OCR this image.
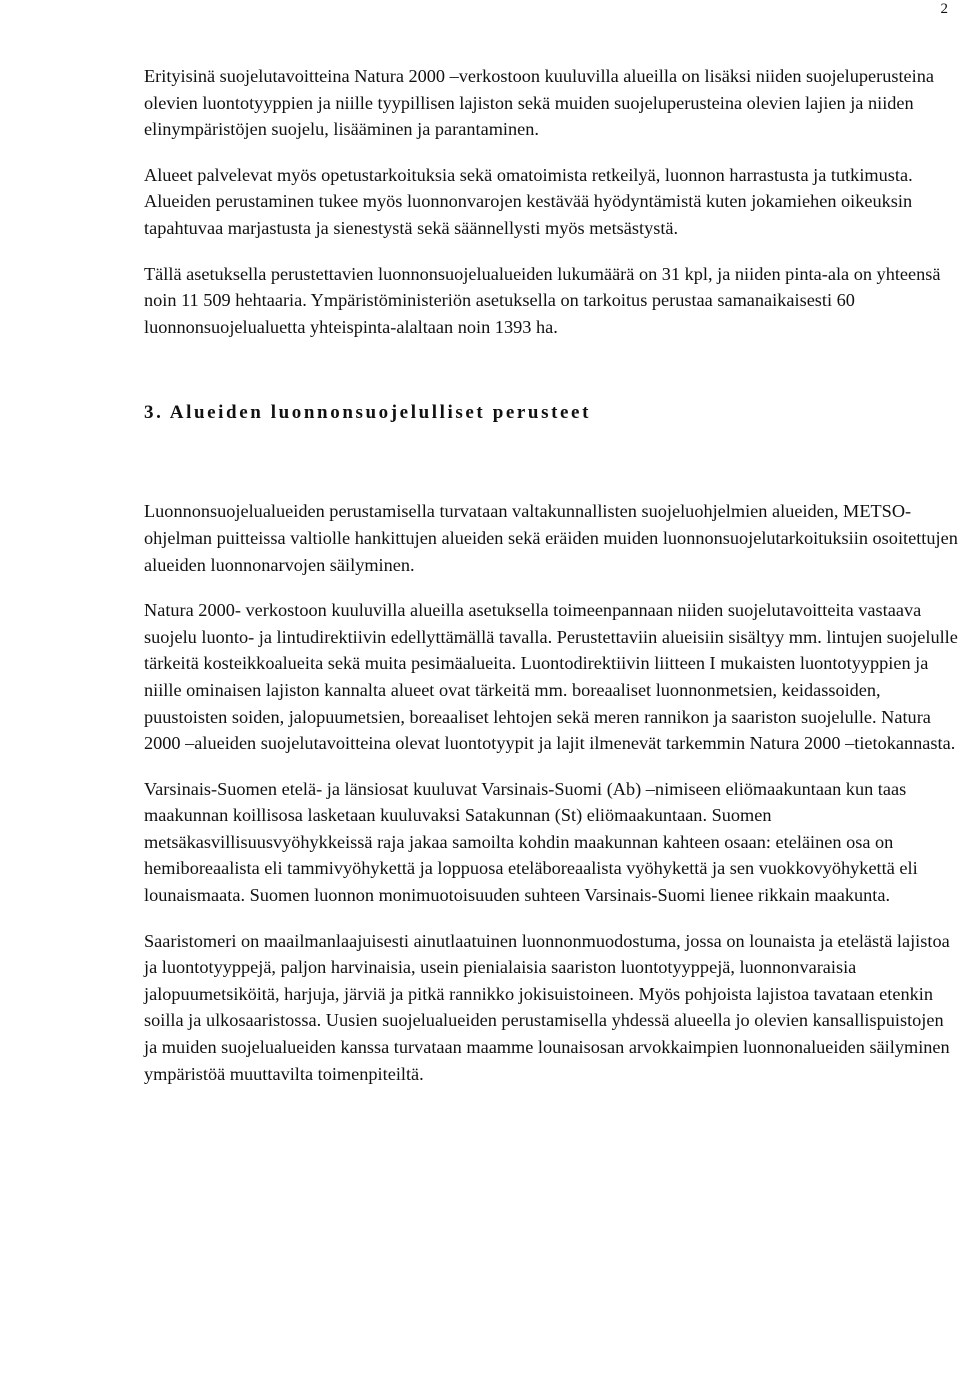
2

Erityisinä suojelutavoitteina Natura 2000 –verkostoon kuuluvilla alueilla on lisäksi niiden suojeluperusteina olevien luontotyyppien ja niille tyypillisen lajiston sekä muiden suojeluperusteina olevien lajien ja niiden elinympäristöjen suojelu, lisääminen ja parantaminen.

Alueet palvelevat myös opetustarkoituksia sekä omatoimista retkeilyä, luonnon harrastusta ja tutkimusta. Alueiden perustaminen tukee myös luonnonvarojen kestävää hyödyntämistä kuten jokamiehen oikeuksin tapahtuvaa marjastusta ja sienestystä sekä säännellysti myös metsästystä.

Tällä asetuksella perustettavien luonnonsuojelualueiden lukumäärä on 31 kpl, ja niiden pinta-ala on yhteensä noin 11 509 hehtaaria. Ympäristöministeriön asetuksella on tarkoitus perustaa samanaikaisesti 60 luonnonsuojelualuetta yhteispinta-alaltaan noin 1393 ha.

3. Alueiden luonnonsuojelulliset perusteet

Luonnonsuojelualueiden perustamisella turvataan valtakunnallisten suojeluohjelmien alueiden, METSO-ohjelman puitteissa valtiolle hankittujen alueiden sekä eräiden muiden luonnonsuojelutarkoituksiin osoitettujen alueiden luonnonarvojen säilyminen.

Natura 2000- verkostoon kuuluvilla alueilla asetuksella toimeenpannaan niiden suojelutavoitteita vastaava suojelu luonto- ja lintudirektiivin edellyttämällä tavalla. Perustettaviin alueisiin sisältyy mm. lintujen suojelulle tärkeitä kosteikkoalueita sekä muita pesimäalueita. Luontodirektiivin liitteen I mukaisten luontotyyppien ja niille ominaisen lajiston kannalta alueet ovat tärkeitä mm. boreaaliset luonnonmetsien, keidassoiden, puustoisten soiden, jalopuumetsien, boreaaliset lehtojen sekä meren rannikon ja saariston suojelulle. Natura 2000 –alueiden suojelutavoitteina olevat luontotyypit ja lajit ilmenevät tarkemmin Natura 2000 –tietokannasta.

Varsinais-Suomen etelä- ja länsiosat kuuluvat Varsinais-Suomi (Ab) –nimiseen eliömaakuntaan kun taas maakunnan koillisosa lasketaan kuuluvaksi Satakunnan (St) eliömaakuntaan. Suomen metsäkasvillisuusvyöhykkeissä raja jakaa samoilta kohdin maakunnan kahteen osaan: eteläinen osa on hemiboreaalista eli tammivyöhykettä ja loppuosa eteläboreaalista vyöhykettä ja sen vuokkovyöhykettä eli lounaismaata. Suomen luonnon monimuotoisuuden suhteen Varsinais-Suomi lienee rikkain maakunta.

Saaristomeri on maailmanlaajuisesti ainutlaatuinen luonnonmuodostuma, jossa on lounaista ja etelästä lajistoa ja luontotyyppejä, paljon harvinaisia, usein pienialaisia saariston luontotyyppejä, luonnonvaraisia jalopuumetsiköitä, harjuja, järviä ja pitkä rannikko jokisuistoineen. Myös pohjoista lajistoa tavataan etenkin soilla ja ulkosaaristossa. Uusien suojelualueiden perustamisella yhdessä alueella jo olevien kansallispuistojen ja muiden suojelualueiden kanssa turvataan maamme lounaisosan arvokkaimpien luonnonalueiden säilyminen ympäristöä muuttavilta toimenpiteiltä.
